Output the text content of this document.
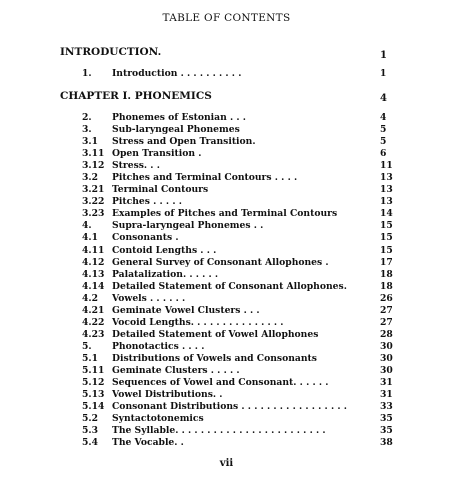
TABLE OF CONTENTS
INTRODUCTION.	1
1. Introduction . . . . . . . . . .	1
CHAPTER I. PHONEMICS	4
2. Phonemes of Estonian . . .	4
3. Sub-laryngeal Phonemes	5
3.1 Stress and Open Transition.	5
3.11 Open Transition .	6
3.12 Stress. . .	11
3.2 Pitches and Terminal Contours . . . .	13
3.21 Terminal Contours	13
3.22 Pitches . . . . .	13
3.23 Examples of Pitches and Terminal Contours	14
4. Supra-laryngeal Phonemes . .	15
4.1 Consonants .	15
4.11 Contoid Lengths . . .	15
4.12 General Survey of Consonant Allophones .	17
4.13 Palatalization. . . . . .	18
4.14 Detailed Statement of Consonant Allophones.	18
4.2 Vowels . . . . . .	26
4.21 Geminate Vowel Clusters . . .	27
4.22 Vocoid Lengths. . . . . . . . . . . . . . .	27
4.23 Detailed Statement of Vowel Allophones	28
5. Phonotactics . . . .	30
5.1 Distributions of Vowels and Consonants	30
5.11 Geminate Clusters . . . . .	30
5.12 Sequences of Vowel and Consonant. . . . . .	31
5.13 Vowel Distributions. .	31
5.14 Consonant Distributions . . . . . . . . . . . . . . . . .	33
5.2 Syntactotonemics	35
5.3 The Syllable. . . . . . . . . . . . . . . . . . . . . . . .	35
5.4 The Vocable. .	38
vii
